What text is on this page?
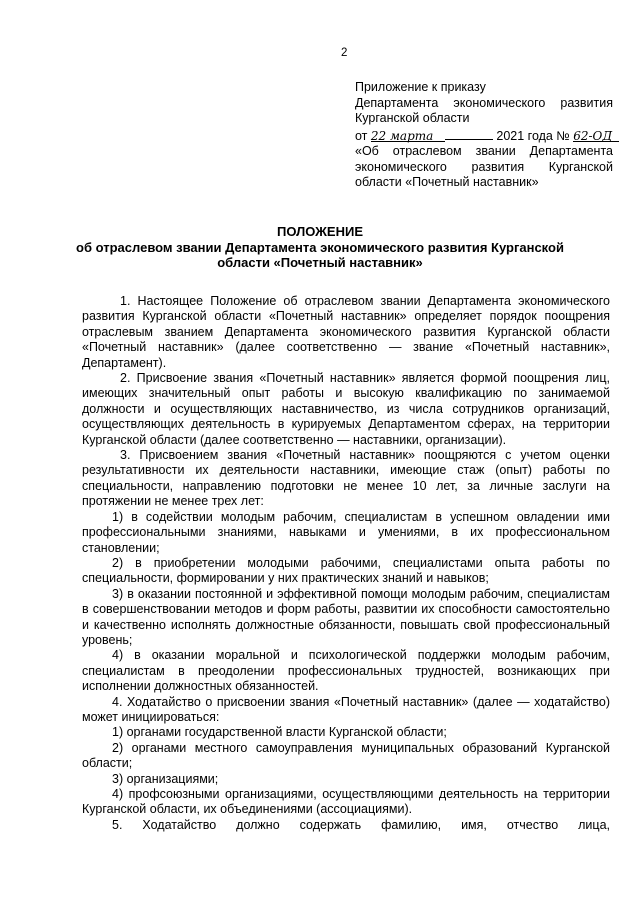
2
Приложение к приказу
Департамента экономического развития
Курганской области
от 22 марта	2021 года № 62-ОД
«Об отраслевом звании Департамента
экономического развития Курганской
области «Почетный наставник»
ПОЛОЖЕНИЕ
об отраслевом звании Департамента экономического развития Курганской
области «Почетный наставник»

1. Настоящее Положение об отраслевом звании Департамента экономического развития Курганской области «Почетный наставник» определяет порядок поощрения отраслевым званием Департамента экономического развития Курганской области «Почетный наставник» (далее соответственно — звание «Почетный наставник», Департамент).

2. Присвоение звания «Почетный наставник» является формой поощрения лиц, имеющих значительный опыт работы и высокую квалификацию по занимаемой должности и осуществляющих наставничество, из числа сотрудников организаций, осуществляющих деятельность в курируемых Департаментом сферах, на территории Курганской области (далее соответственно — наставники, организации).

3. Присвоением звания «Почетный наставник» поощряются с учетом оценки результативности их деятельности наставники, имеющие стаж (опыт) работы по специальности, направлению подготовки не менее 10 лет, за личные заслуги на протяжении не менее трех лет:

1) в содействии молодым рабочим, специалистам в успешном овладении ими профессиональными знаниями, навыками и умениями, в их профессиональном становлении;

2) в приобретении молодыми рабочими, специалистами опыта работы по специальности, формировании у них практических знаний и навыков;

3) в оказании постоянной и эффективной помощи молодым рабочим, специалистам в совершенствовании методов и форм работы, развитии их способности самостоятельно и качественно исполнять должностные обязанности, повышать свой профессиональный уровень;

4) в оказании моральной и психологической поддержки молодым рабочим, специалистам в преодолении профессиональных трудностей, возникающих при исполнении должностных обязанностей.

4. Ходатайство о присвоении звания «Почетный наставник» (далее — ходатайство) может инициироваться:

1) органами государственной власти Курганской области;

2) органами местного самоуправления муниципальных образований Курганской области;

3) организациями;

4) профсоюзными организациями, осуществляющими деятельность на территории Курганской области, их объединениями (ассоциациями).

5. Ходатайство должно содержать фамилию, имя, отчество лица,
